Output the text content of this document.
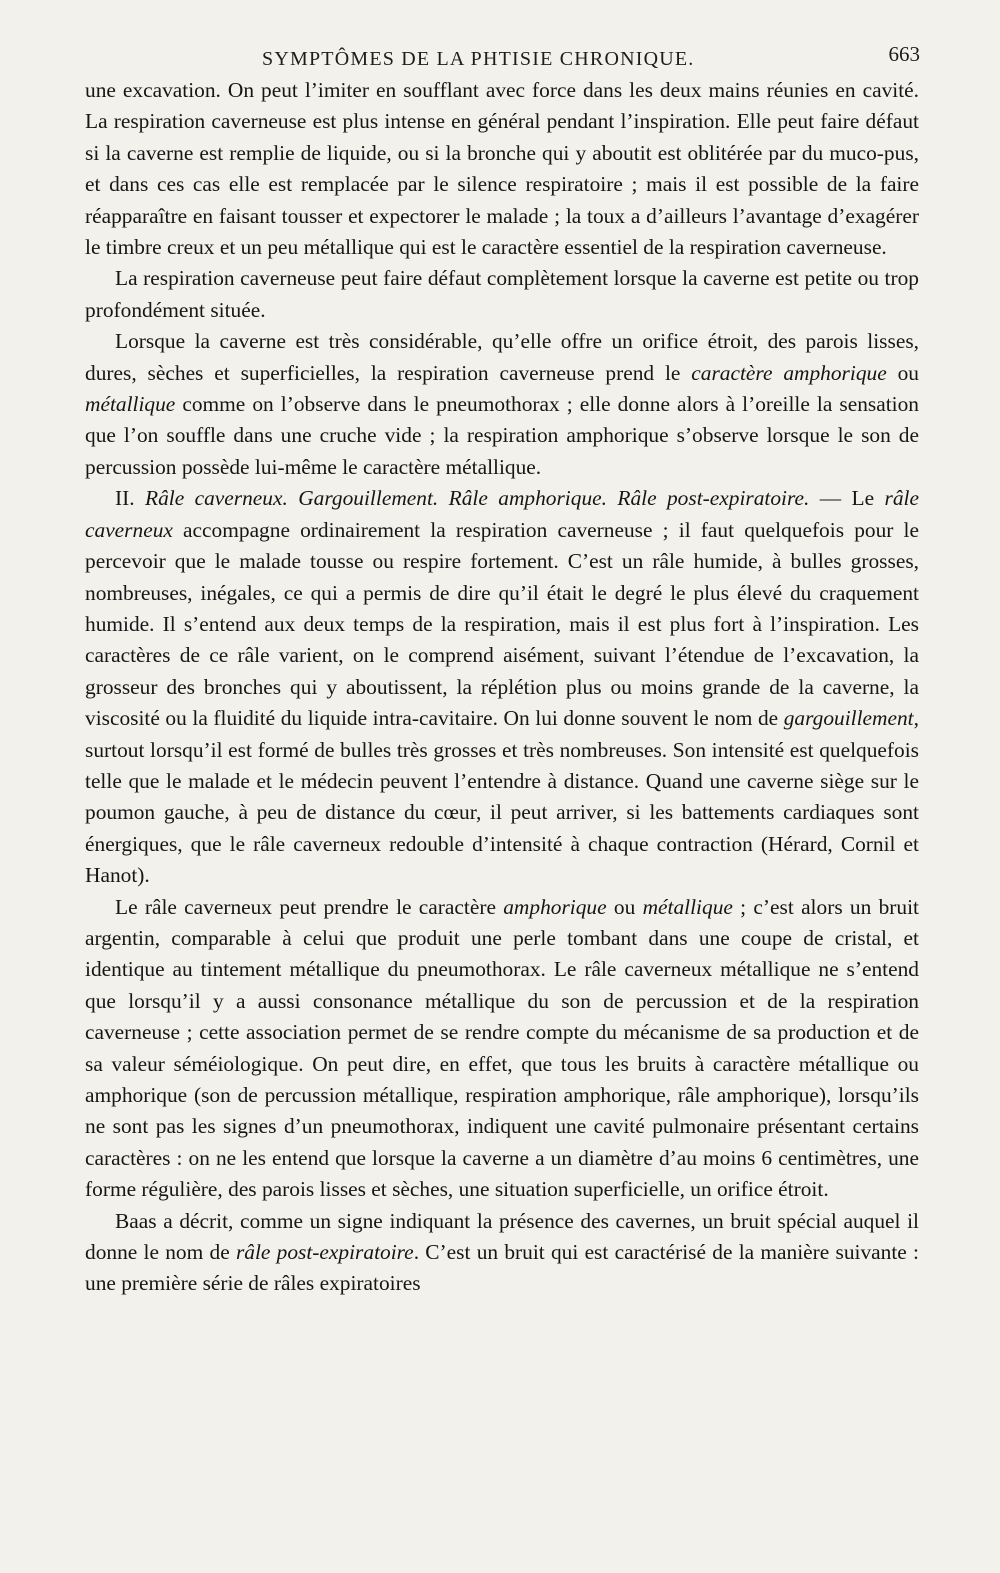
SYMPTÔMES DE LA PHTISIE CHRONIQUE.	663

une excavation. On peut l’imiter en soufflant avec force dans les deux mains réunies en cavité. La respiration caverneuse est plus intense en général pendant l’inspiration. Elle peut faire défaut si la caverne est remplie de liquide, ou si la bronche qui y aboutit est oblitérée par du muco-pus, et dans ces cas elle est remplacée par le silence respiratoire ; mais il est possible de la faire réapparaître en faisant tousser et expectorer le malade ; la toux a d’ailleurs l’avantage d’exagérer le timbre creux et un peu métallique qui est le caractère essentiel de la respiration caverneuse.

La respiration caverneuse peut faire défaut complètement lorsque la caverne est petite ou trop profondément située.

Lorsque la caverne est très considérable, qu’elle offre un orifice étroit, des parois lisses, dures, sèches et superficielles, la respiration caverneuse prend le caractère amphorique ou métallique comme on l’observe dans le pneumothorax ; elle donne alors à l’oreille la sensation que l’on souffle dans une cruche vide ; la respiration amphorique s’observe lorsque le son de percussion possède lui-même le caractère métallique.

II. Râle caverneux. Gargouillement. Râle amphorique. Râle post-expiratoire. — Le râle caverneux accompagne ordinairement la respiration caverneuse ; il faut quelquefois pour le percevoir que le malade tousse ou respire fortement. C’est un râle humide, à bulles grosses, nombreuses, inégales, ce qui a permis de dire qu’il était le degré le plus élevé du craquement humide. Il s’entend aux deux temps de la respiration, mais il est plus fort à l’inspiration. Les caractères de ce râle varient, on le comprend aisément, suivant l’étendue de l’excavation, la grosseur des bronches qui y aboutissent, la réplétion plus ou moins grande de la caverne, la viscosité ou la fluidité du liquide intra-cavitaire. On lui donne souvent le nom de gargouillement, surtout lorsqu’il est formé de bulles très grosses et très nombreuses. Son intensité est quelquefois telle que le malade et le médecin peuvent l’entendre à distance. Quand une caverne siège sur le poumon gauche, à peu de distance du cœur, il peut arriver, si les battements cardiaques sont énergiques, que le râle caverneux redouble d’intensité à chaque contraction (Hérard, Cornil et Hanot).

Le râle caverneux peut prendre le caractère amphorique ou métallique ; c’est alors un bruit argentin, comparable à celui que produit une perle tombant dans une coupe de cristal, et identique au tintement métallique du pneumothorax. Le râle caverneux métallique ne s’entend que lorsqu’il y a aussi consonance métallique du son de percussion et de la respiration caverneuse ; cette association permet de se rendre compte du mécanisme de sa production et de sa valeur séméiologique. On peut dire, en effet, que tous les bruits à caractère métallique ou amphorique (son de percussion métallique, respiration amphorique, râle amphorique), lorsqu’ils ne sont pas les signes d’un pneumothorax, indiquent une cavité pulmonaire présentant certains caractères : on ne les entend que lorsque la caverne a un diamètre d’au moins 6 centimètres, une forme régulière, des parois lisses et sèches, une situation superficielle, un orifice étroit.

Baas a décrit, comme un signe indiquant la présence des cavernes, un bruit spécial auquel il donne le nom de râle post-expiratoire. C’est un bruit qui est caractérisé de la manière suivante : une première série de râles expiratoires
